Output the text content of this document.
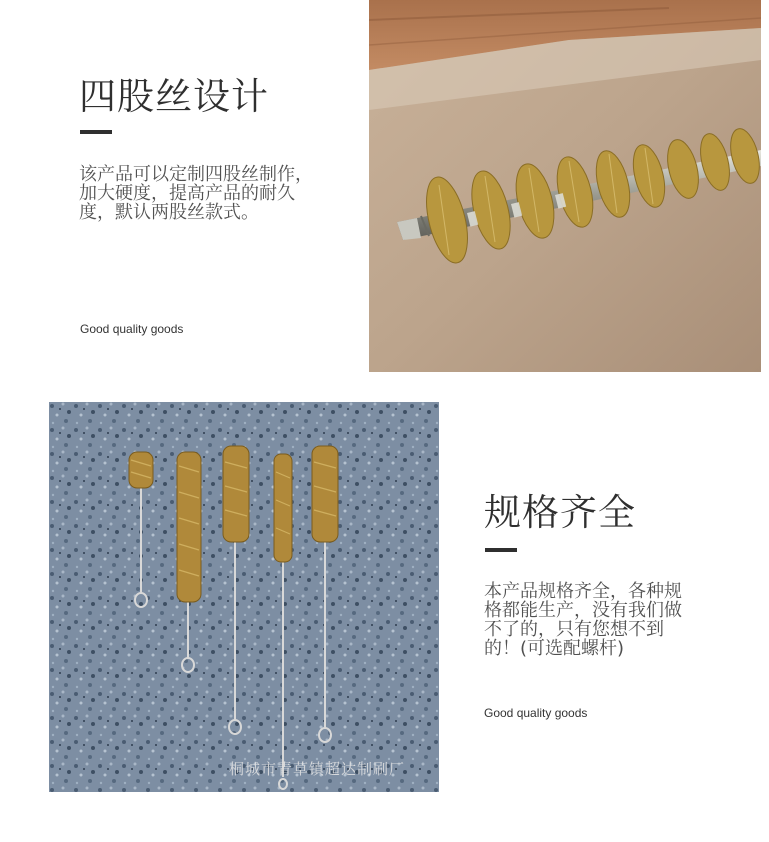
四股丝设计
该产品可以定制四股丝制作，
加大硬度，提高产品的耐久
度，默认两股丝款式。
Good quality goods
桐城市青草镇超达制刷厂
规格齐全
本产品规格齐全，各种规
格都能生产，没有我们做
不了的，只有您想不到
的！(可选配螺杆)
Good quality goods
